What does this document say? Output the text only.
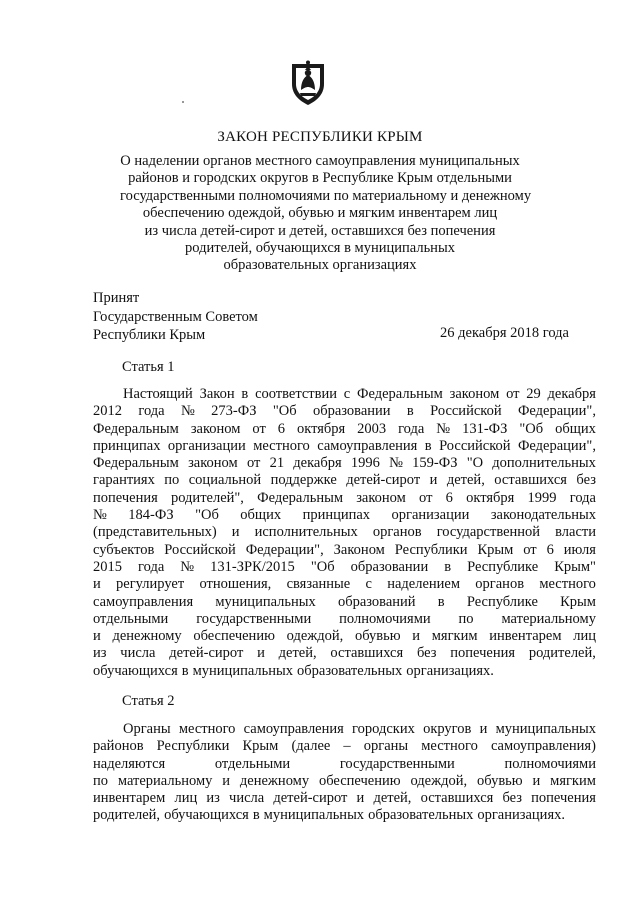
ЗАКОН РЕСПУБЛИКИ КРЫМ
О наделении органов местного самоуправления муниципальных
районов и городских округов в Республике Крым отдельными
государственными полномочиями по материальному и денежному
обеспечению одеждой, обувью и мягким инвентарем лиц
из числа детей-сирот и детей, оставшихся без попечения
родителей, обучающихся в муниципальных
образовательных организациях
Принят
Государственным Советом
Республики Крым	26 декабря 2018 года
Статья 1
Настоящий Закон в соответствии с Федеральным законом от 29 декабря
2012 года № 273-ФЗ "Об образовании в Российской Федерации",
Федеральным законом от 6 октября 2003 года № 131-ФЗ "Об общих
принципах организации местного самоуправления в Российской Федерации",
Федеральным законом от 21 декабря 1996 № 159-ФЗ "О дополнительных
гарантиях по социальной поддержке детей-сирот и детей, оставшихся без
попечения родителей", Федеральным законом от 6 октября 1999 года
№ 184-ФЗ "Об общих принципах организации законодательных
(представительных) и исполнительных органов государственной власти
субъектов Российской Федерации", Законом Республики Крым от 6 июля
2015 года № 131-ЗРК/2015 "Об образовании в Республике Крым"
и регулирует отношения, связанные с наделением органов местного
самоуправления муниципальных образований в Республике Крым
отдельными государственными полномочиями по материальному
и денежному обеспечению одеждой, обувью и мягким инвентарем лиц
из числа детей-сирот и детей, оставшихся без попечения родителей,
обучающихся в муниципальных образовательных организациях.
Статья 2
Органы местного самоуправления городских округов и муниципальных
районов Республики Крым (далее – органы местного самоуправления)
наделяются	отдельными	государственными	полномочиями
по материальному и денежному обеспечению одеждой, обувью и мягким
инвентарем лиц из числа детей-сирот и детей, оставшихся без попечения
родителей, обучающихся в муниципальных образовательных организациях.
